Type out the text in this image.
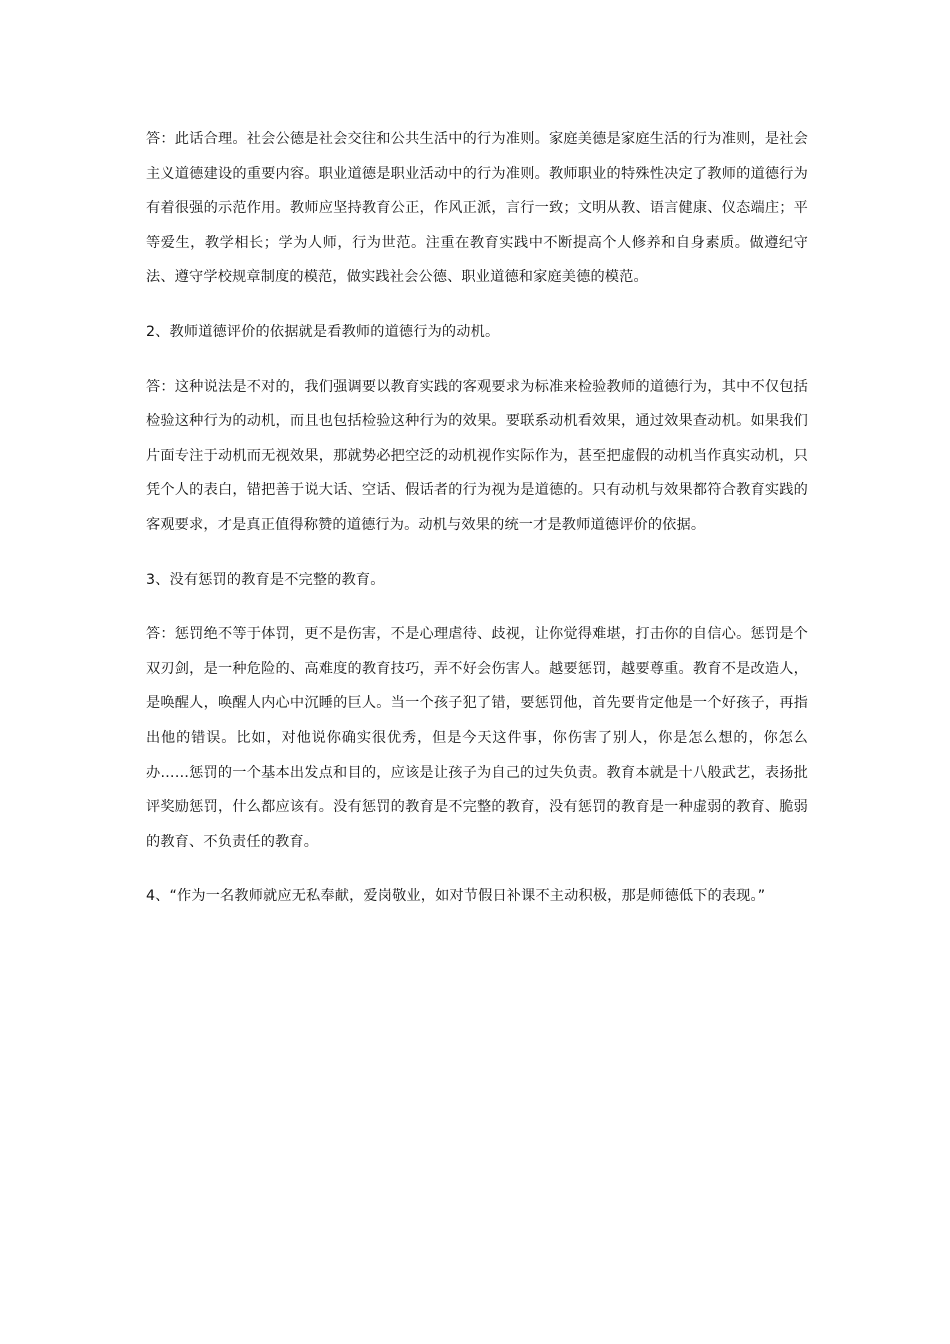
答：此话合理。社会公德是社会交往和公共生活中的行为准则。家庭美德是家庭生活的行为准则，是社会主义道德建设的重要内容。职业道德是职业活动中的行为准则。教师职业的特殊性决定了教师的道德行为有着很强的示范作用。教师应坚持教育公正，作风正派，言行一致；文明从教、语言健康、仪态端庄；平等爱生，教学相长；学为人师，行为世范。注重在教育实践中不断提高个人修养和自身素质。做遵纪守法、遵守学校规章制度的模范，做实践社会公德、职业道德和家庭美德的模范。

2、教师道德评价的依据就是看教师的道德行为的动机。

答：这种说法是不对的，我们强调要以教育实践的客观要求为标准来检验教师的道德行为，其中不仅包括检验这种行为的动机，而且也包括检验这种行为的效果。要联系动机看效果，通过效果查动机。如果我们片面专注于动机而无视效果，那就势必把空泛的动机视作实际作为，甚至把虚假的动机当作真实动机，只凭个人的表白，错把善于说大话、空话、假话者的行为视为是道德的。只有动机与效果都符合教育实践的客观要求，才是真正值得称赞的道德行为。动机与效果的统一才是教师道德评价的依据。

3、没有惩罚的教育是不完整的教育。

答：惩罚绝不等于体罚，更不是伤害，不是心理虐待、歧视，让你觉得难堪，打击你的自信心。惩罚是个双刃剑，是一种危险的、高难度的教育技巧，弄不好会伤害人。越要惩罚，越要尊重。教育不是改造人，是唤醒人，唤醒人内心中沉睡的巨人。当一个孩子犯了错，要惩罚他，首先要肯定他是一个好孩子，再指出他的错误。比如，对他说你确实很优秀，但是今天这件事，你伤害了别人，你是怎么想的，你怎么办……惩罚的一个基本出发点和目的，应该是让孩子为自己的过失负责。教育本就是十八般武艺，表扬批评奖励惩罚，什么都应该有。没有惩罚的教育是不完整的教育，没有惩罚的教育是一种虚弱的教育、脆弱的教育、不负责任的教育。

4、“作为一名教师就应无私奉献，爱岗敬业，如对节假日补课不主动积极，那是师德低下的表现。”
